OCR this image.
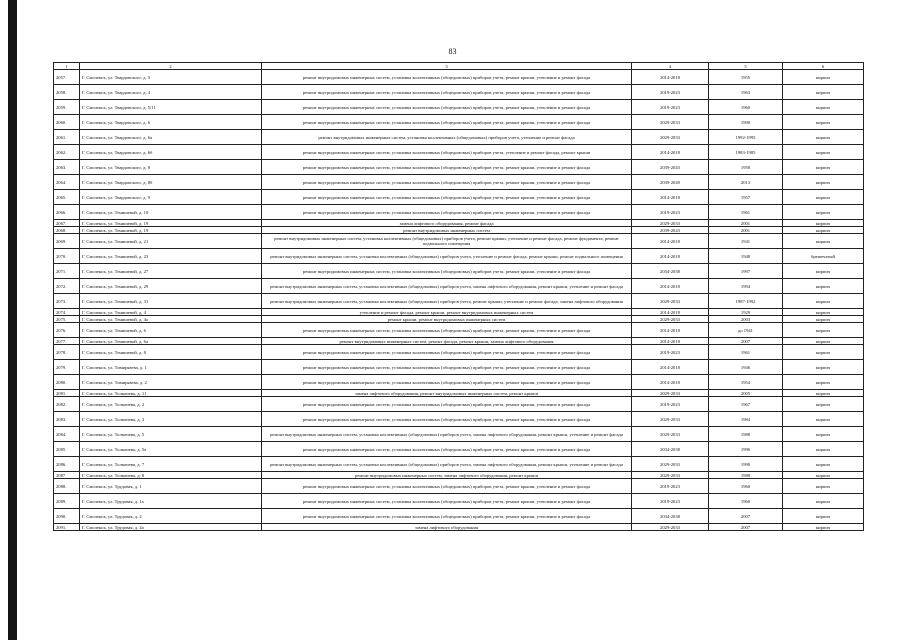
83
1	2	3	4	5	6
2057.	Г. Смоленск, ул. Твардовского, д. 3	ремонт внутридомовых инженерных систем, установка коллективных (общедомовых) приборов учета, ремонт крыши, утепление и ремонт фасада	2014-2018	1955	кирпич
2058.	Г. Смоленск, ул. Твардовского, д. 4	ремонт внутридомовых инженерных систем, установка коллективных (общедомовых) приборов учета, ремонт крыши, утепление и ремонт фасада	2019-2023	1963	кирпич
2059.	Г. Смоленск, ул. Твардовского, д. 5/11	ремонт внутридомовых инженерных систем, установка коллективных (общедомовых) приборов учета, ремонт крыши, утепление и ремонт фасада	2019-2023	1960	кирпич
2060.	Г. Смоленск, ул. Твардовского, д. 6	ремонт внутридомовых инженерных систем, установка коллективных (общедомовых) приборов учета, ремонт крыши, утепление и ремонт фасада	2029-2033	1990	кирпич
2061.	Г. Смоленск, ул. Твардовского, д. 6а	ремонт внутридомовых инженерных систем, установка коллективных (общедомовых) приборов учета, утепление и ремонт фасада	2029-2033	1992-1995	кирпич
2062.	Г. Смоленск, ул. Твардовского, д. 6б	ремонт внутридомовых инженерных систем, установка коллективных (общедомовых) приборов учета, утепление и ремонт фасада, ремонт крыши	2014-2018	1983-1985	кирпич
2063.	Г. Смоленск, ул. Твардовского, д. 8	ремонт внутридомовых инженерных систем, установка коллективных (общедомовых) приборов учета, ремонт крыши, утепление и ремонт фасада	2039-2043	1958	кирпич
2064.	Г. Смоленск, ул. Твардовского, д. 8б	ремонт внутридомовых инженерных систем, установка коллективных (общедомовых) приборов учета, ремонт крыши, утепление и ремонт фасада	2039-2049	2013	кирпич
2065.	Г. Смоленск, ул. Твардовского, д. 9	ремонт внутридомовых инженерных систем, установка коллективных (общедомовых) приборов учета, ремонт крыши, утепление и ремонт фасада	2014-2018	1957	кирпич
2066.	Г. Смоленск, ул. Тенишевой, д. 10	ремонт внутридомовых инженерных систем, установка коллективных (общедомовых) приборов учета, ремонт крыши, утепление и ремонт фасада	2019-2023	1961	кирпич
2067.	Г. Смоленск, ул. Тенишевой, д. 19	замена лифтового оборудования, ремонт фасада	2029-2033	2001	кирпич
2068.	Г. Смоленск, ул. Тенишевой, д. 19	ремонт внутридомовых инженерных систем	2039-2043	2001	кирпич
2069.	Г. Смоленск, ул. Тенишевой, д. 21	ремонт внутридомовых инженерных систем, установка коллективных (общедомовых) приборов учета, ремонт крыши, утепление и ремонт фасада, ремонт фундамента, ремонт подвального помещения	2014-2018	1941	кирпич
2070.	Г. Смоленск, ул. Тенишевой, д. 23	ремонт внутридомовых инженерных систем, установка коллективных (общедомовых) приборов учета, утепление и ремонт фасада, ремонт крыши, ремонт подвального помещения	2014-2018	1948	брешечатый
2071.	Г. Смоленск, ул. Тенишевой, д. 27	ремонт внутридомовых инженерных систем, установка коллективных (общедомовых) приборов учета, ремонт крыши, утепление и ремонт фасада	2034-2038	1997	кирпич
2072.	Г. Смоленск, ул. Тенишевой, д. 29	ремонт внутридомовых инженерных систем, установка коллективных (общедомовых) приборов учета, замена лифтового оборудования, ремонт крыши, утепление и ремонт фасада	2014-2018	1994	кирпич
2073.	Г. Смоленск, ул. Тенишевой, д. 31	ремонт внутридомовых инженерных систем, установка коллективных (общедомовых) приборов учета, ремонт крыши, утепление и ремонт фасада, замена лифтового оборудования	2029-2033	1987-1992	кирпич
2074.	Г. Смоленск, ул. Тенишевой, д. 4	утепление и ремонт фасада, ремонт крыши, ремонт внутридомовых инженерных систем	2014-2018	1929	кирпич
2075.	Г. Смоленск, ул. Тенишевой, д. 4а	ремонт крыши, ремонт внутридомовых инженерных систем	2029-2033	2003	кирпич
2076.	Г. Смоленск, ул. Тенишевой, д. 6	ремонт внутридомовых инженерных систем, установка коллективных (общедомовых) приборов учета, ремонт крыши, утепление и ремонт фасада	2014-2018	до 1941	кирпич
2077.	Г. Смоленск, ул. Тенишевой, д. 6а	ремонт внутридомовых инженерных систем, ремонт фасада, ремонт крыши, замена лифтового оборудования	2014-2018	2007	кирпич
2078.	Г. Смоленск, ул. Тенишевой, д. 8	ремонт внутридомовых инженерных систем, установка коллективных (общедомовых) приборов учета, ремонт крыши, утепление и ремонт фасада	2019-2023	1961	кирпич
2079.	Г. Смоленск, ул. Тимирязева, д. 1	ремонт внутридомовых инженерных систем, установка коллективных (общедомовых) приборов учета, ремонт крыши, утепление и ремонт фасада	2014-2018	1946	кирпич
2080.	Г. Смоленск, ул. Тимирязева, д. 2	ремонт внутридомовых инженерных систем, установка коллективных (общедомовых) приборов учета, ремонт крыши, утепление и ремонт фасада	2014-2018	1954	кирпич
2081.	Г. Смоленск, ул. Толмачева, д. 11	замена лифтового оборудования, ремонт внутридомовых инженерных систем, ремонт крыши	2029-2033	2005	кирпич
2082.	Г. Смоленск, ул. Толмачева, д. 2	ремонт внутридомовых инженерных систем, установка коллективных (общедомовых) приборов учета, ремонт крыши, утепление и ремонт фасада	2019-2023	1967	кирпич
2083.	Г. Смоленск, ул. Толмачева, д. 3	ремонт внутридомовых инженерных систем, установка коллективных (общедомовых) приборов учета, ремонт крыши, утепление и ремонт фасада	2029-2033	1984	кирпич
2084.	Г. Смоленск, ул. Толмачева, д. 5	ремонт внутридомовых инженерных систем, установка коллективных (общедомовых) приборов учета, замена лифтового оборудования, ремонт крыши, утепление и ремонт фасада	2029-2033	1988	кирпич
2085.	Г. Смоленск, ул. Толмачева, д. 5а	ремонт внутридомовых инженерных систем, установка коллективных (общедомовых) приборов учета, ремонт крыши, утепление и ремонт фасада	2034-2038	1996	кирпич
2086.	Г. Смоленск, ул. Толмачева, д. 7	ремонт внутридомовых инженерных систем, установка коллективных (общедомовых) приборов учета, замена лифтового оборудования, ремонт крыши, утепление и ремонт фасада	2029-2033	1990	кирпич
2087.	Г. Смоленск, ул. Толмачева, д. 8	ремонт внутридомовых инженерных систем, замена лифтового оборудования, ремонт крыши	2029-2033	1988	кирпич
2088.	Г. Смоленск, ул. Трудовая, д. 1	ремонт внутридомовых инженерных систем, установка коллективных (общедомовых) приборов учета, ремонт крыши, утепление и ремонт фасада	2019-2023	1960	кирпич
2089.	Г. Смоленск, ул. Трудовая, д. 1а	ремонт внутридомовых инженерных систем, установка коллективных (общедомовых) приборов учета, ремонт крыши, утепление и ремонт фасада	2019-2023	1960	кирпич
2090.	Г. Смоленск, ул. Трудовая, д. 2	ремонт внутридомовых инженерных систем, установка коллективных (общедомовых) приборов учета, ремонт крыши, утепление и ремонт фасада	2034-2038	2007	кирпич
2091.	Г. Смоленск, ул. Трудовая, д. 2а	замена лифтового оборудования	2029-2033	2007	кирпич
